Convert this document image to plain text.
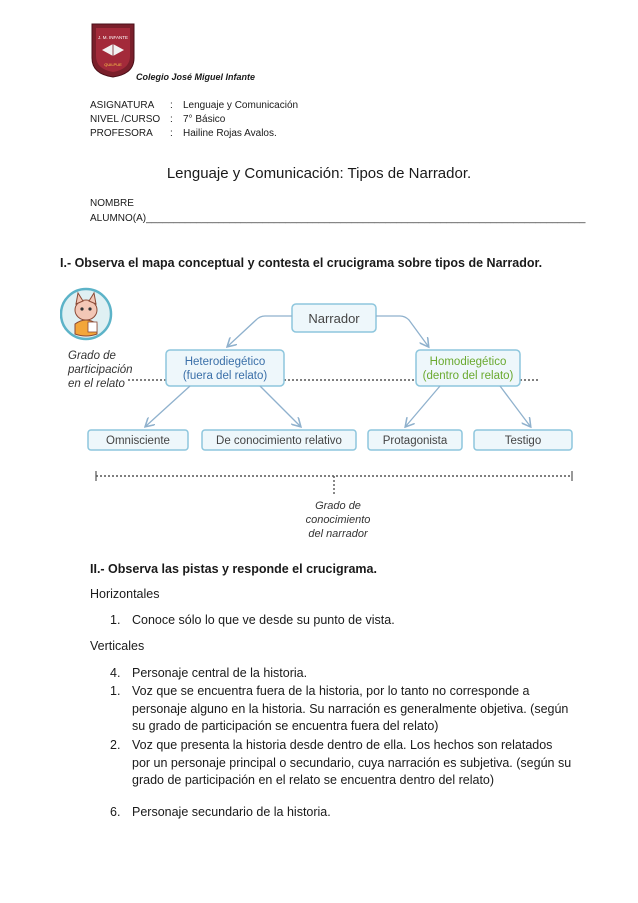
J. M. INFANTE
QUILPUE
Colegio José Miguel Infante
ASIGNATURA : Lenguaje y Comunicación
NIVEL /CURSO : 7° Básico
PROFESORA : Hailine Rojas Avalos.
Lenguaje y Comunicación: Tipos de Narrador.
NOMBRE
ALUMNO(A)_______________________________________________________________________________
I.- Observa el mapa conceptual y contesta el crucigrama sobre tipos de Narrador.
Narrador
Grado de
participación
en el relato
Heterodiegético
(fuera del relato)
Homodiegético
(dentro del relato)
Omnisciente	De conocimiento relativo	Protagonista	Testigo
Grado de
conocimiento
del narrador
II.- Observa las pistas y responde el crucigrama.
Horizontales
1. Conoce sólo lo que ve desde su punto de vista.
Verticales
4. Personaje central de la historia.
1. Voz que se encuentra fuera de la historia, por lo tanto no corresponde a personaje alguno en la historia. Su narración es generalmente objetiva. (según su grado de participación se encuentra fuera del relato)
2. Voz que presenta la historia desde dentro de ella. Los hechos son relatados por un personaje principal o secundario, cuya narración es subjetiva. (según su grado de participación en el relato se encuentra dentro del relato)
6. Personaje secundario de la historia.
